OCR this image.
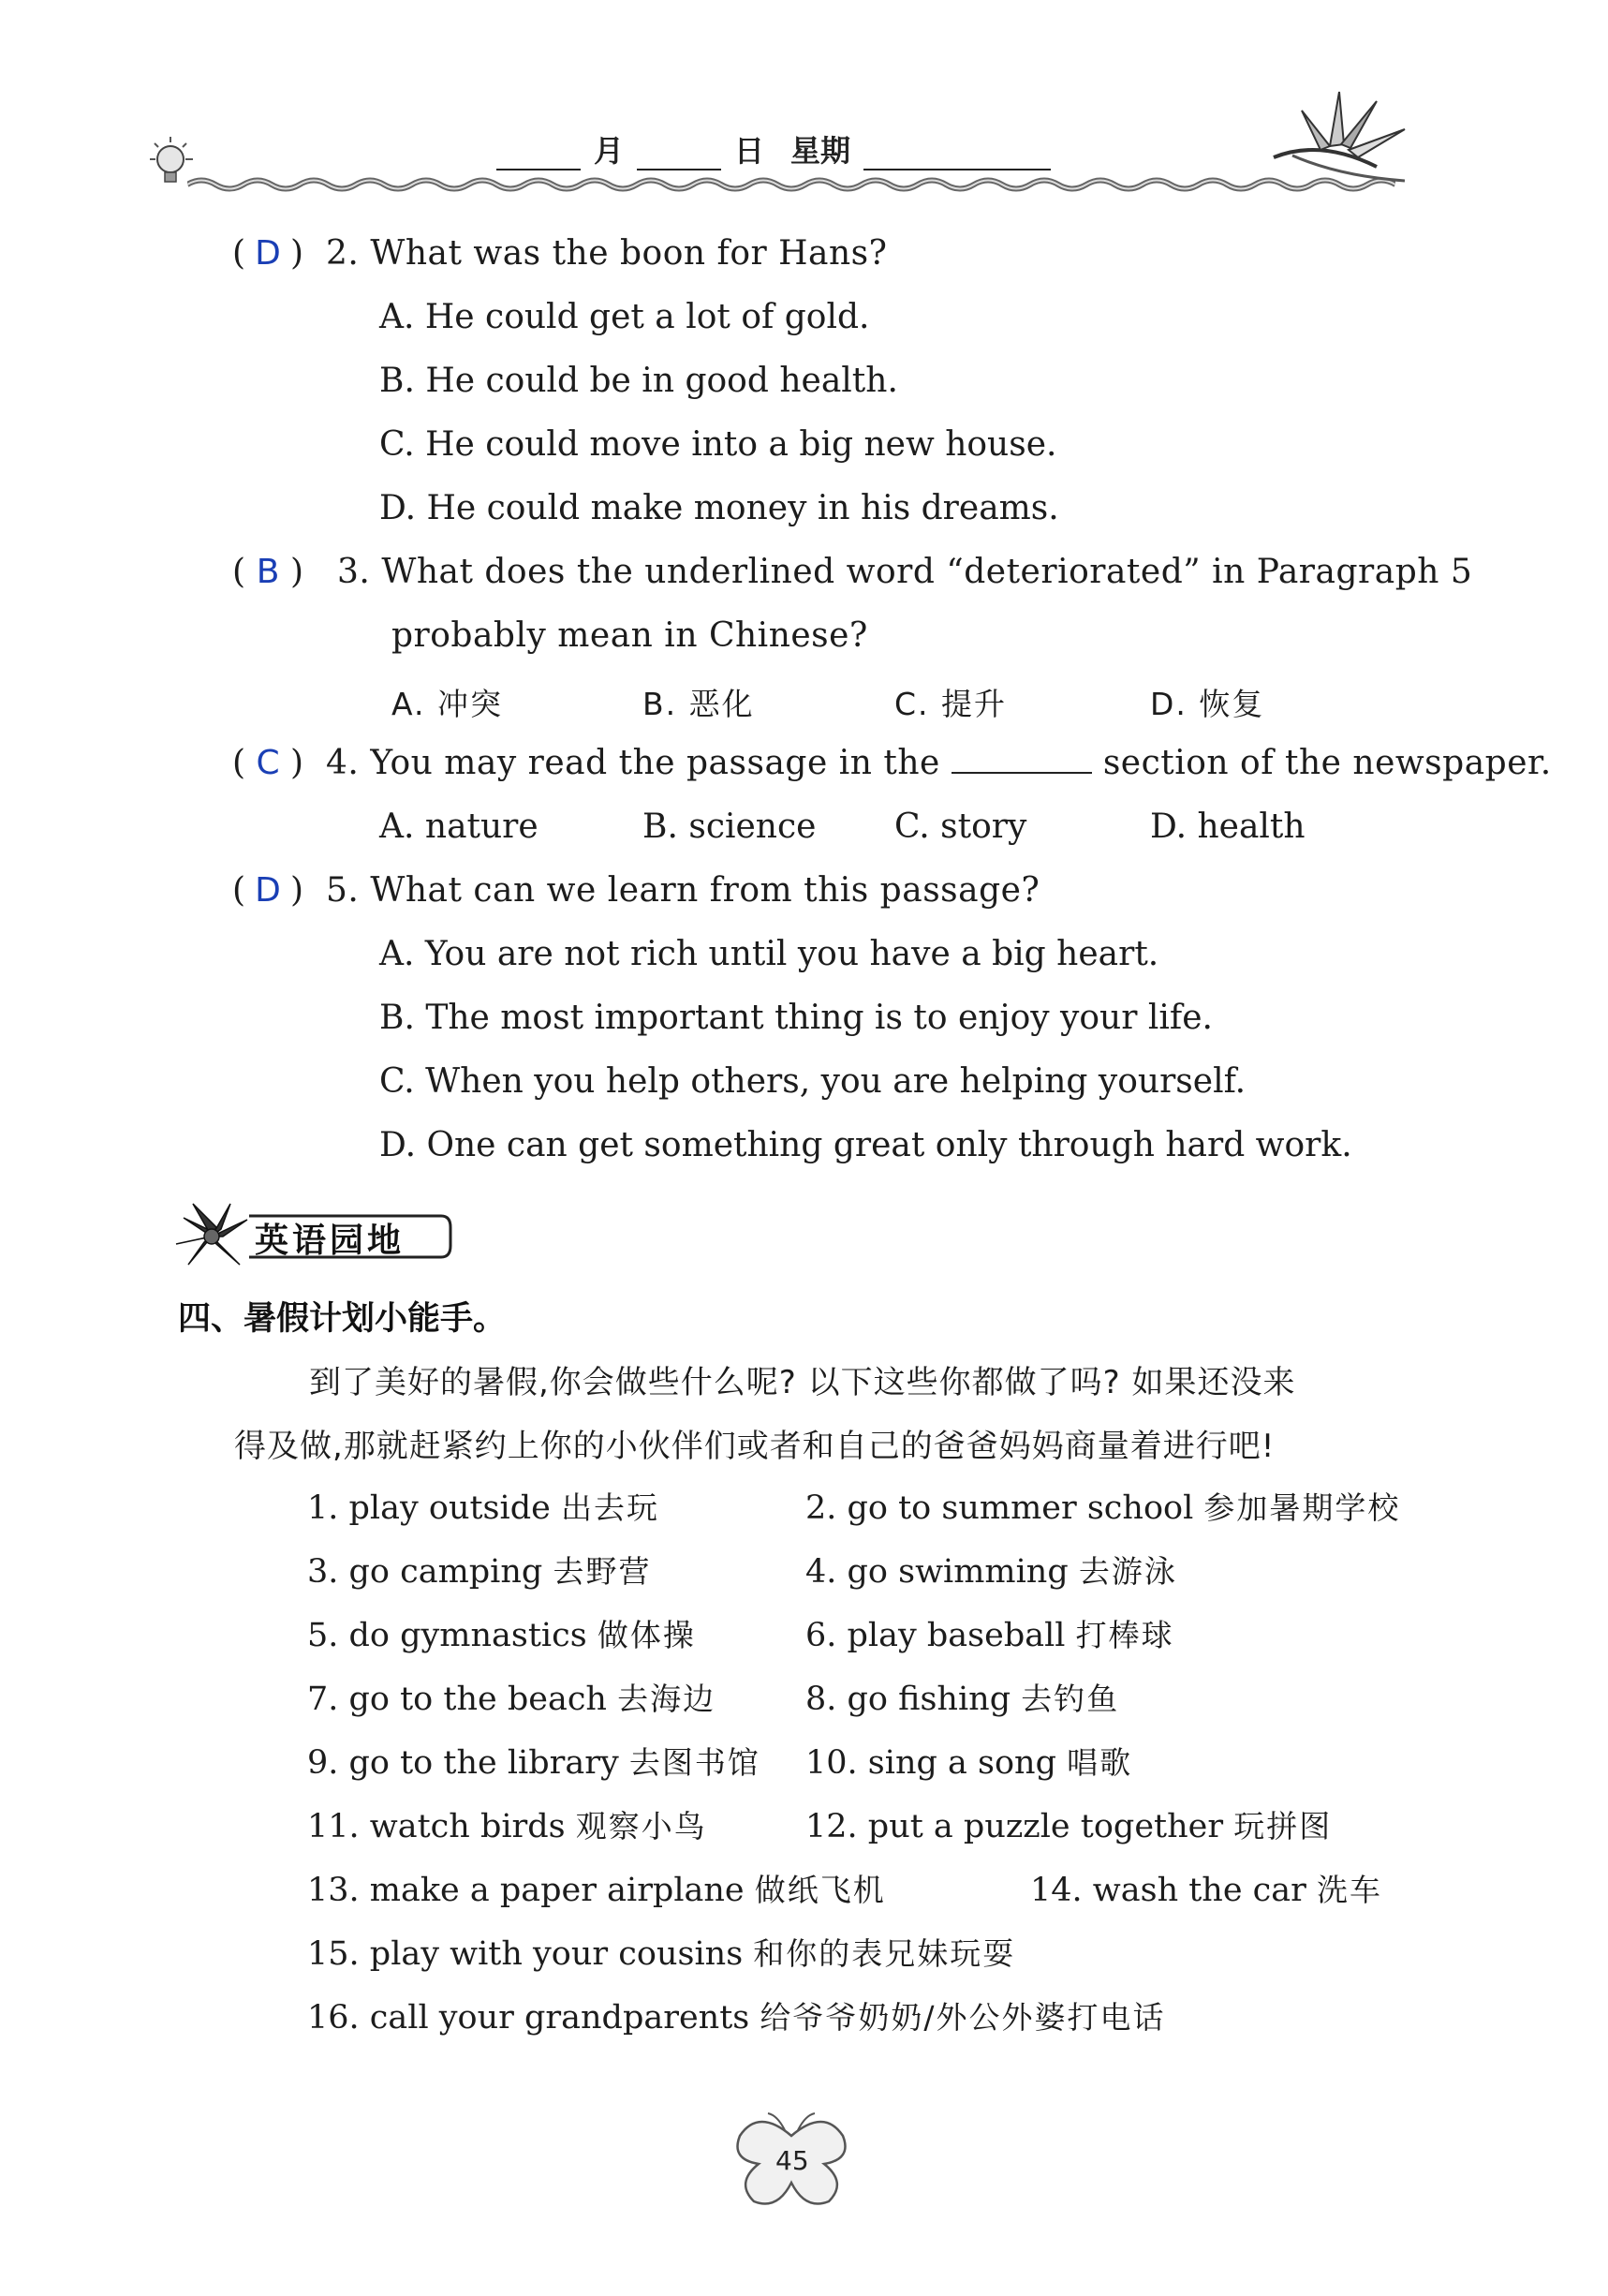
月	日 星期
( D ) 2. What was the boon for Hans?
A. He could get a lot of gold.
B. He could be in good health.
C. He could move into a big new house.
D. He could make money in his dreams.
( B ) 3. What does the underlined word “deteriorated” in Paragraph 5
probably mean in Chinese?
A. 冲突	B. 恶化	C. 提升	D. 恢复
( C ) 4. You may read the passage in the	section of the newspaper.
A. nature	B. science C. story	D. health
( D ) 5. What can we learn from this passage?
A. You are not rich until you have a big heart.
B. The most important thing is to enjoy your life.
C. When you help others, you are helping yourself.
D. One can get something great only through hard work.
英语园地
四、暑假计划小能手。
到了美好的暑假,你会做些什么呢? 以下这些你都做了吗? 如果还没来
得及做,那就赶紧约上你的小伙伴们或者和自己的爸爸妈妈商量着进行吧!
1. play outside 出去玩	2. go to summer school 参加暑期学校
3. go camping 去野营	4. go swimming 去游泳
5. do gymnastics 做体操	6. play baseball 打棒球
7. go to the beach 去海边	8. go fishing 去钓鱼
9. go to the library 去图书馆 10. sing a song 唱歌
11. watch birds 观察小鸟	12. put a puzzle together 玩拼图
13. make a paper airplane 做纸飞机	14. wash the car 洗车
15. play with your cousins 和你的表兄妹玩耍
16. call your grandparents 给爷爷奶奶/外公外婆打电话
45
